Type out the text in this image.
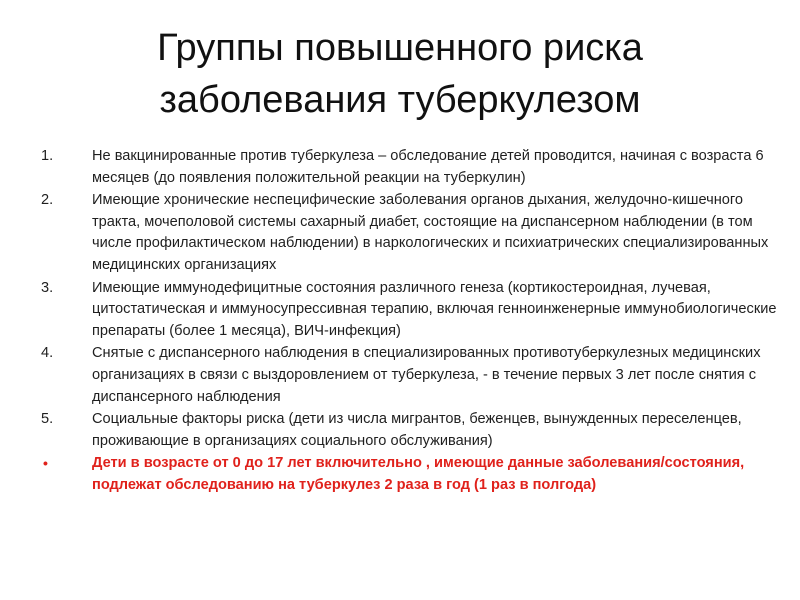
Группы повышенного риска
заболевания туберкулезом
1.	Не вакцинированные против туберкулеза – обследование детей проводится, начиная с возраста 6 месяцев (до появления положительной реакции на туберкулин)
2.	Имеющие хронические неспецифические заболевания органов дыхания, желудочно-кишечного тракта, мочеполовой системы сахарный диабет, состоящие на диспансерном наблюдении (в том числе профилактическом наблюдении) в наркологических и психиатрических специализированных медицинских организациях
3.	Имеющие иммунодефицитные состояния различного генеза (кортикостероидная, лучевая, цитостатическая и иммуносупрессивная терапию, включая генноинженерные иммунобиологические препараты (более 1 месяца), ВИЧ-инфекция)
4.	Снятые с диспансерного наблюдения в специализированных противотуберкулезных медицинских организациях в связи с выздоровлением от туберкулеза, - в течение первых 3 лет после снятия с диспансерного наблюдения
5.	Социальные факторы риска (дети из числа мигрантов, беженцев, вынужденных переселенцев, проживающие в организациях социального обслуживания)
•	Дети в возрасте от 0 до 17 лет включительно , имеющие данные заболевания/состояния, подлежат обследованию на туберкулез 2 раза в год (1 раз в полгода)
